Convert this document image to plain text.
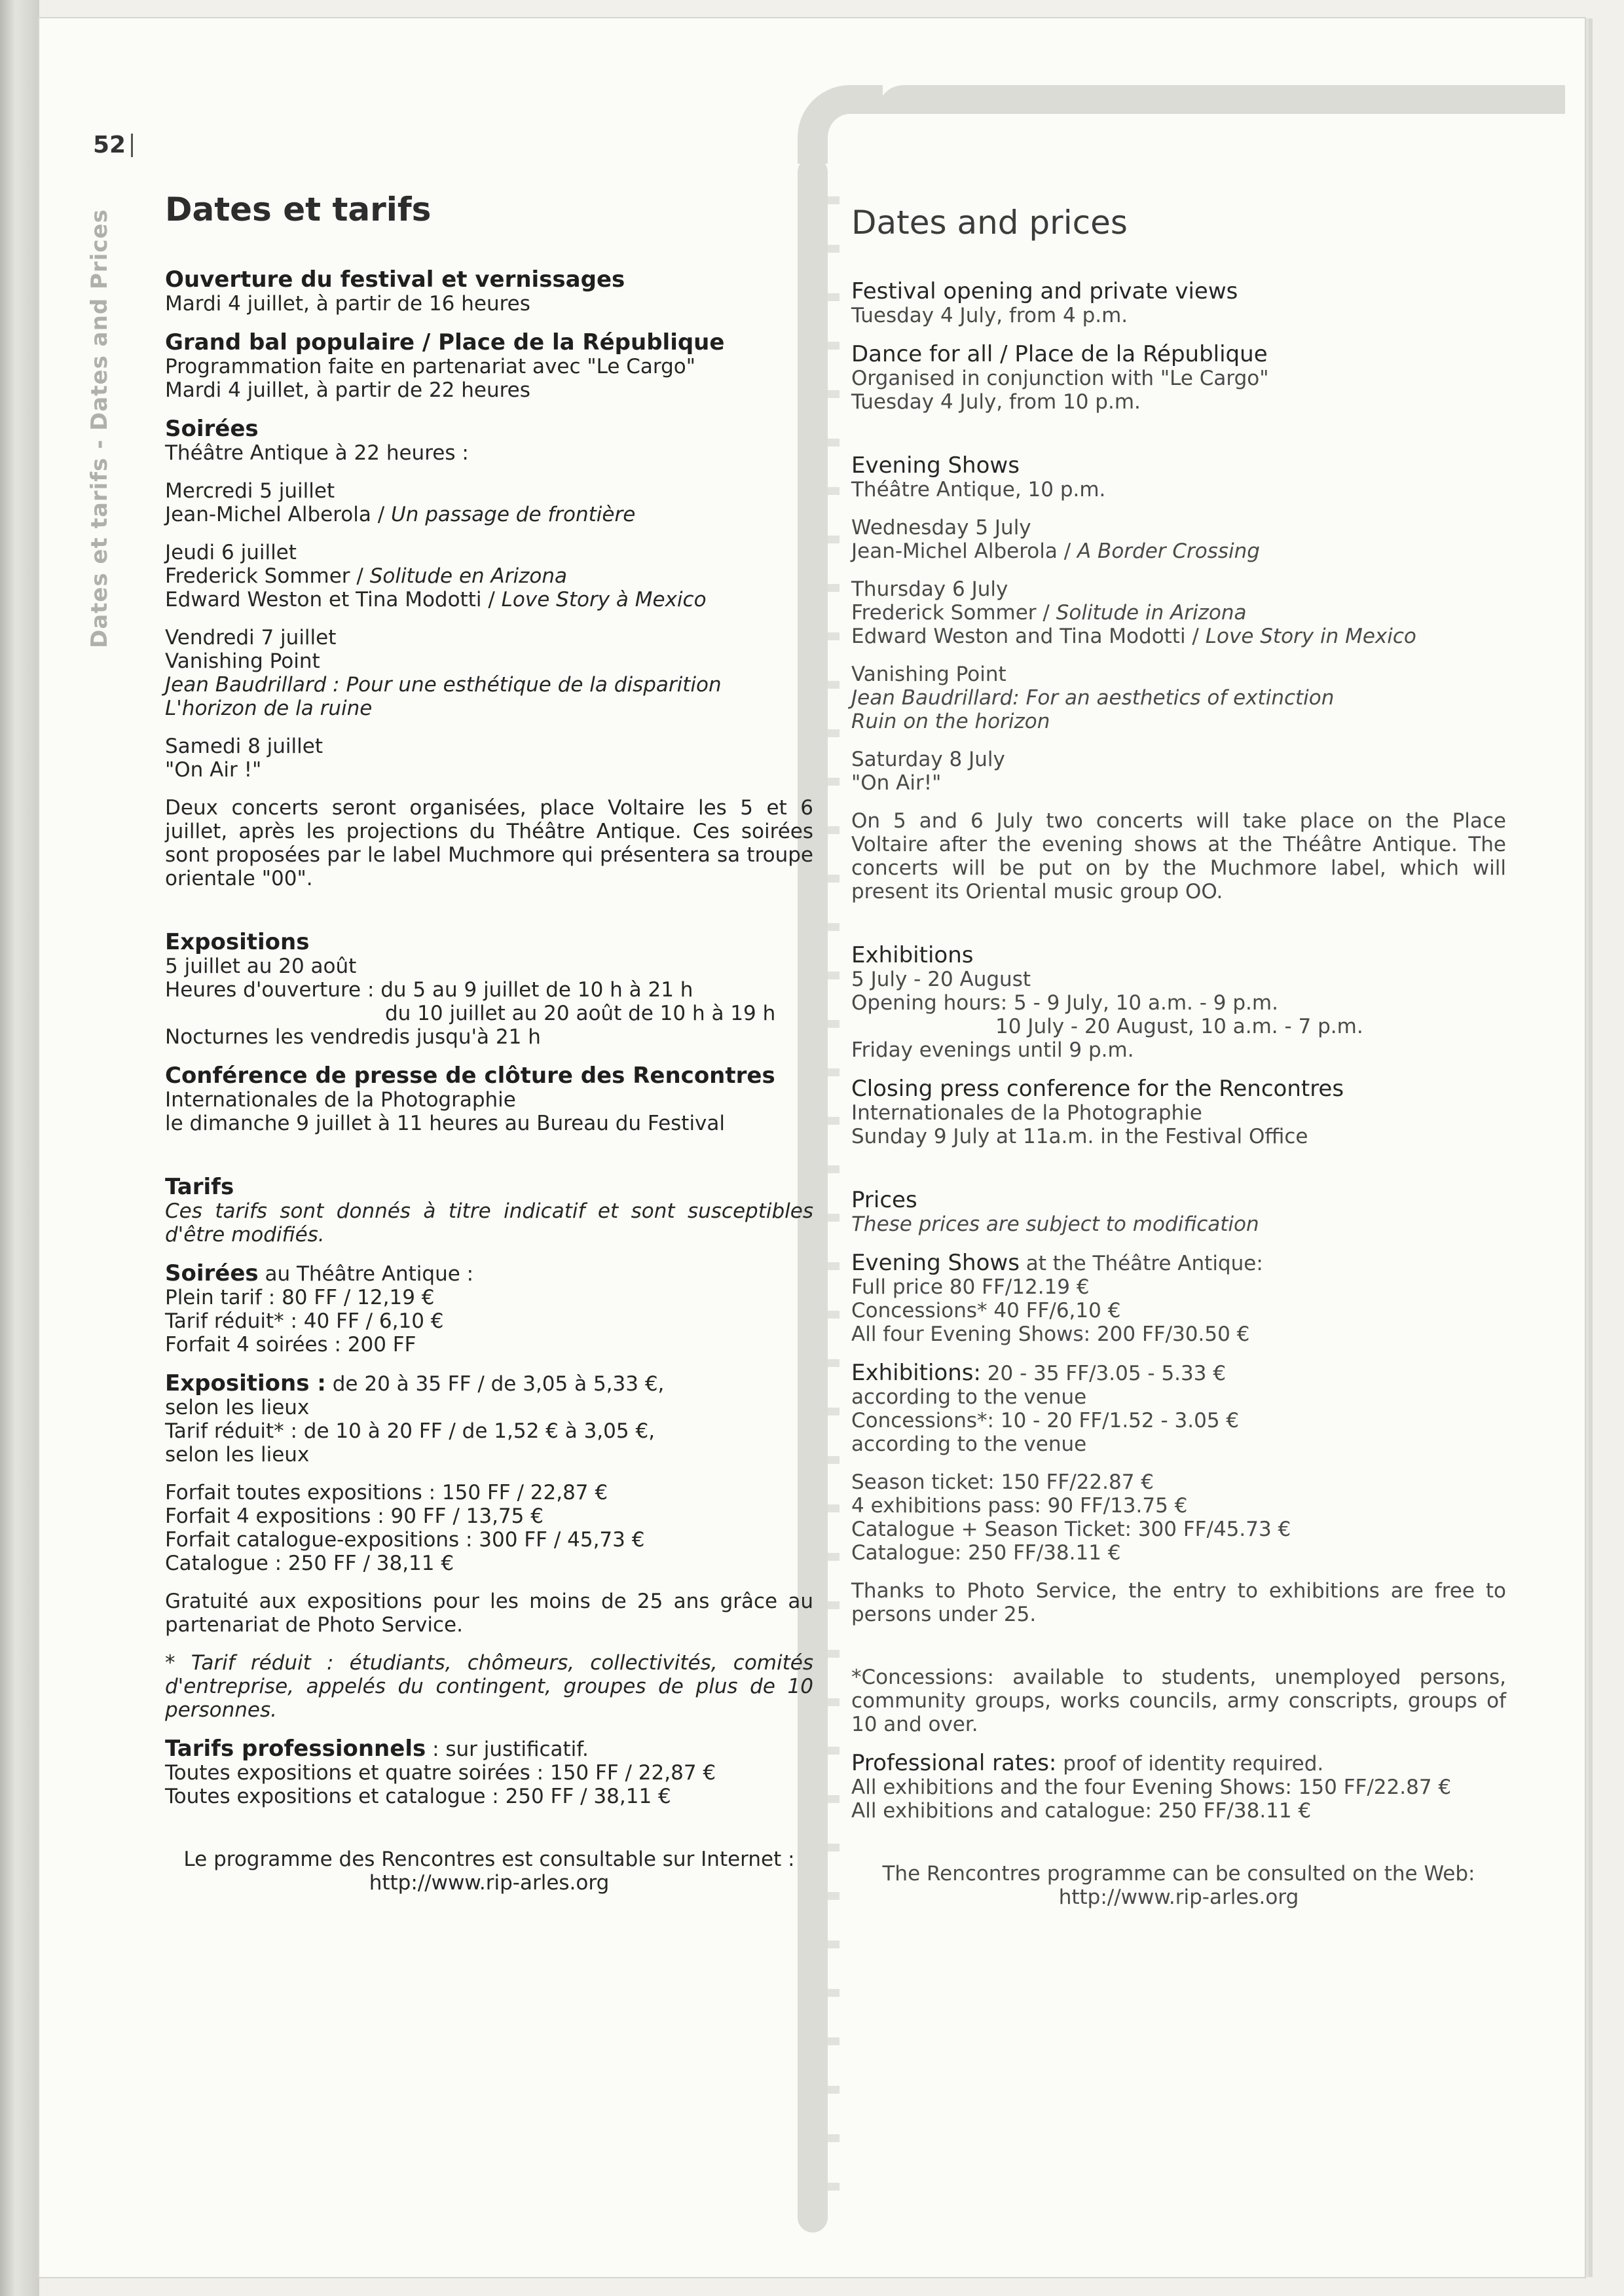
52
Dates et tarifs - Dates and Prices Dates et tarifs
Ouverture du festival et vernissages
Mardi 4 juillet, à partir de 16 heures
Grand bal populaire / Place de la République
Programmation faite en partenariat avec "Le Cargo"
Mardi 4 juillet, à partir de 22 heures
Soirées
Théâtre Antique à 22 heures :
Mercredi 5 juillet
Jean-Michel Alberola / Un passage de frontière
Jeudi 6 juillet
Frederick Sommer / Solitude en Arizona
Edward Weston et Tina Modotti / Love Story à Mexico
Vendredi 7 juillet
Vanishing Point
Jean Baudrillard : Pour une esthétique de la disparition
L'horizon de la ruine
Samedi 8 juillet
"On Air !"

Deux concerts seront organisées, place Voltaire les 5 et 6 juillet, après les projections du Théâtre Antique. Ces soirées sont proposées par le label Muchmore qui présentera sa troupe orientale "00".

Expositions
5 juillet au 20 août
Heures d'ouverture : du 5 au 9 juillet de 10 h à 21 h
du 10 juillet au 20 août de 10 h à 19 h
Nocturnes les vendredis jusqu'à 21 h
Conférence de presse de clôture des Rencontres
Internationales de la Photographie
le dimanche 9 juillet à 11 heures au Bureau du Festival
Tarifs

Ces tarifs sont donnés à titre indicatif et sont susceptibles d'être modifiés.

Soirées au Théâtre Antique :
Plein tarif : 80 FF / 12,19 €
Tarif réduit* : 40 FF / 6,10 €
Forfait 4 soirées : 200 FF
Expositions : de 20 à 35 FF / de 3,05 à 5,33 €,
selon les lieux
Tarif réduit* : de 10 à 20 FF / de 1,52 € à 3,05 €,
selon les lieux
Forfait toutes expositions : 150 FF / 22,87 €
Forfait 4 expositions : 90 FF / 13,75 €
Forfait catalogue-expositions : 300 FF / 45,73 €
Catalogue : 250 FF / 38,11 €

Gratuité aux expositions pour les moins de 25 ans grâce au partenariat de Photo Service.

* Tarif réduit : étudiants, chômeurs, collectivités, comités d'entreprise, appelés du contingent, groupes de plus de 10 personnes.

Tarifs professionnels : sur justificatif.
Toutes expositions et quatre soirées : 150 FF / 22,87 €
Toutes expositions et catalogue : 250 FF / 38,11 €
Le programme des Rencontres est consultable sur Internet :
http://www.rip-arles.org
Dates and prices
Festival opening and private views
Tuesday 4 July, from 4 p.m.
Dance for all / Place de la République
Organised in conjunction with "Le Cargo"
Tuesday 4 July, from 10 p.m.
Evening Shows
Théâtre Antique, 10 p.m.
Wednesday 5 July
Jean-Michel Alberola / A Border Crossing
Thursday 6 July
Frederick Sommer / Solitude in Arizona
Edward Weston and Tina Modotti / Love Story in Mexico
Vanishing Point
Jean Baudrillard: For an aesthetics of extinction
Ruin on the horizon
Saturday 8 July
"On Air!"

On 5 and 6 July two concerts will take place on the Place Voltaire after the evening shows at the Théâtre Antique. The concerts will be put on by the Muchmore label, which will present its Oriental music group OO.

Exhibitions
5 July - 20 August
Opening hours: 5 - 9 July, 10 a.m. - 9 p.m.
10 July - 20 August, 10 a.m. - 7 p.m.
Friday evenings until 9 p.m.
Closing press conference for the Rencontres
Internationales de la Photographie
Sunday 9 July at 11a.m. in the Festival Office
Prices
These prices are subject to modification
Evening Shows at the Théâtre Antique:
Full price 80 FF/12.19 €
Concessions* 40 FF/6,10 €
All four Evening Shows: 200 FF/30.50 €
Exhibitions: 20 - 35 FF/3.05 - 5.33 €
according to the venue
Concessions*: 10 - 20 FF/1.52 - 3.05 €
according to the venue
Season ticket: 150 FF/22.87 €
4 exhibitions pass: 90 FF/13.75 €
Catalogue + Season Ticket: 300 FF/45.73 €
Catalogue: 250 FF/38.11 €

Thanks to Photo Service, the entry to exhibitions are free to persons under 25.

*Concessions: available to students, unemployed persons, community groups, works councils, army conscripts, groups of 10 and over.

Professional rates: proof of identity required.
All exhibitions and the four Evening Shows: 150 FF/22.87 €
All exhibitions and catalogue: 250 FF/38.11 €
The Rencontres programme can be consulted on the Web:
http://www.rip-arles.org
